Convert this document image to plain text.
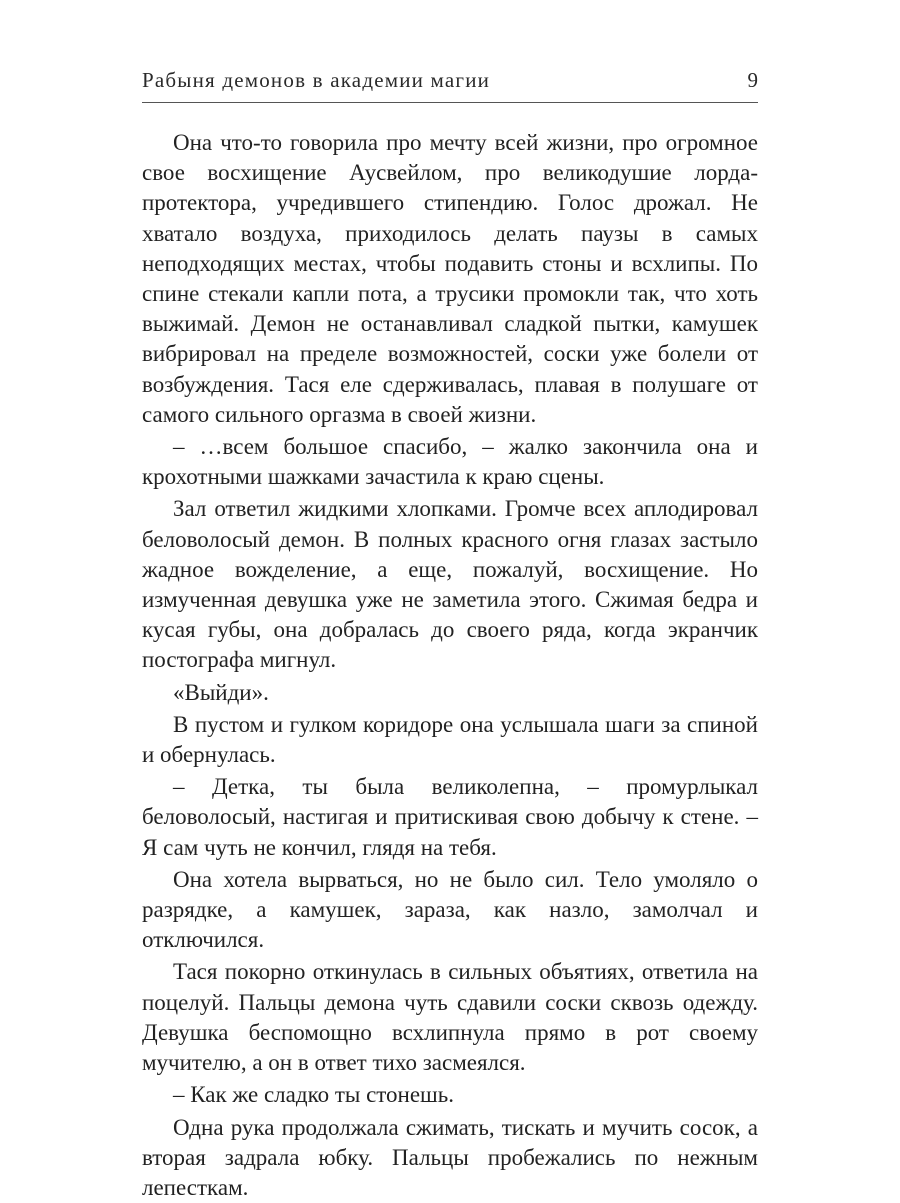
Рабыня демонов в академии магии	9

Она что-то говорила про мечту всей жизни, про огромное свое восхищение Аусвейлом, про великодушие лорда-протектора, учредившего стипендию. Голос дрожал. Не хватало воздуха, приходилось делать паузы в самых неподходящих местах, чтобы подавить стоны и всхлипы. По спине стекали капли пота, а трусики промокли так, что хоть выжимай. Демон не останавливал сладкой пытки, камушек вибрировал на пределе возможностей, соски уже болели от возбуждения. Тася еле сдерживалась, плавая в полушаге от самого сильного оргазма в своей жизни.

– …всем большое спасибо, – жалко закончила она и крохотными шажками зачастила к краю сцены.

Зал ответил жидкими хлопками. Громче всех аплодировал беловолосый демон. В полных красного огня глазах застыло жадное вожделение, а еще, пожалуй, восхищение. Но измученная девушка уже не заметила этого. Сжимая бедра и кусая губы, она добралась до своего ряда, когда экранчик постографа мигнул.

«Выйди».

В пустом и гулком коридоре она услышала шаги за спиной и обернулась.

– Детка, ты была великолепна, – промурлыкал беловолосый, настигая и притискивая свою добычу к стене. – Я сам чуть не кончил, глядя на тебя.

Она хотела вырваться, но не было сил. Тело умоляло о разрядке, а камушек, зараза, как назло, замолчал и отключился.

Тася покорно откинулась в сильных объятиях, ответила на поцелуй. Пальцы демона чуть сдавили соски сквозь одежду. Девушка беспомощно всхлипнула прямо в рот своему мучителю, а он в ответ тихо засмеялся.

– Как же сладко ты стонешь.

Одна рука продолжала сжимать, тискать и мучить сосок, а вторая задрала юбку. Пальцы пробежались по нежным лепесткам.
